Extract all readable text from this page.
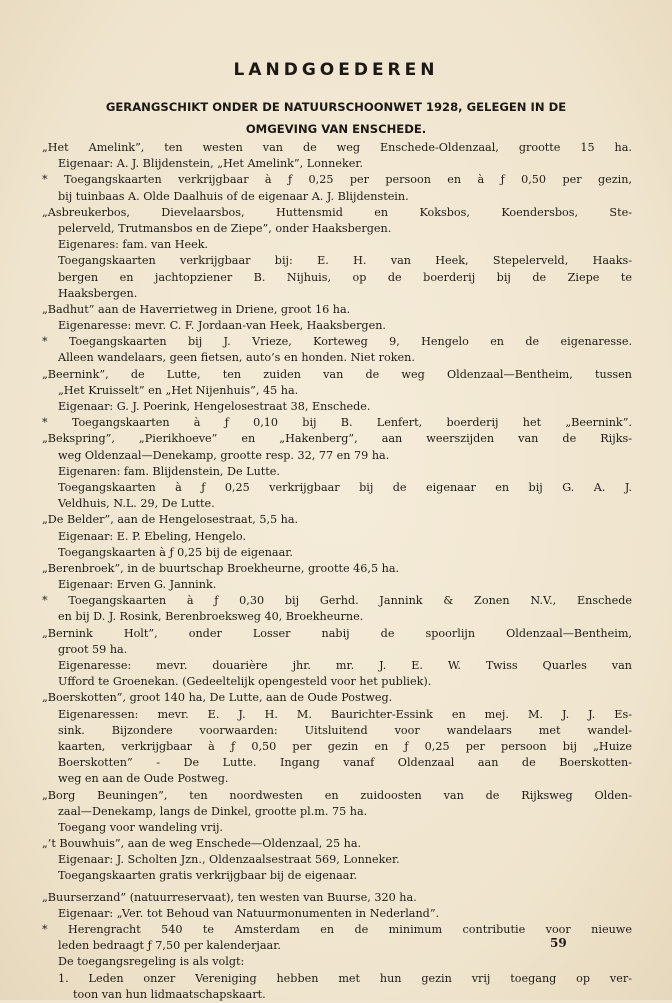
LANDGOEDEREN
GERANGSCHIKT ONDER DE NATUURSCHOONWET 1928, GELEGEN IN DE
OMGEVING VAN ENSCHEDE.
„Het Amelink”, ten westen van de weg Enschede-Oldenzaal, grootte 15 ha.
Eigenaar: A. J. Blijdenstein, „Het Amelink”, Lonneker.
* Toegangskaarten verkrijgbaar à ƒ 0,25 per persoon en à ƒ 0,50 per gezin,
bij tuinbaas A. Olde Daalhuis of de eigenaar A. J. Blijdenstein.
„Asbreukerbos, Dievelaarsbos, Huttensmid en Koksbos, Koendersbos, Ste-
pelerveld, Trutmansbos en de Ziepe”, onder Haaksbergen.
Eigenares: fam. van Heek.
Toegangskaarten verkrijgbaar bij: E. H. van Heek, Stepelerveld, Haaks-
bergen en jachtopziener B. Nijhuis, op de boerderij bij de Ziepe te
Haaksbergen.
„Badhut” aan de Haverrietweg in Driene, groot 16 ha.
Eigenaresse: mevr. C. F. Jordaan-van Heek, Haaksbergen.
* Toegangskaarten bij J. Vrieze, Korteweg 9, Hengelo en de eigenaresse.
Alleen wandelaars, geen fietsen, auto’s en honden. Niet roken.
„Beernink”, de Lutte, ten zuiden van de weg Oldenzaal—Bentheim, tussen
„Het Kruisselt” en „Het Nijenhuis”, 45 ha.
Eigenaar: G. J. Poerink, Hengelosestraat 38, Enschede.
* Toegangskaarten à ƒ 0,10 bij B. Lenfert, boerderij het „Beernink”.
„Bekspring”, „Pierikhoeve” en „Hakenberg”, aan weerszijden van de Rijks-
weg Oldenzaal—Denekamp, grootte resp. 32, 77 en 79 ha.
Eigenaren: fam. Blijdenstein, De Lutte.
Toegangskaarten à ƒ 0,25 verkrijgbaar bij de eigenaar en bij G. A. J.
Veldhuis, N.L. 29, De Lutte.
„De Belder”, aan de Hengelosestraat, 5,5 ha.
Eigenaar: E. P. Ebeling, Hengelo.
Toegangskaarten à ƒ 0,25 bij de eigenaar.
„Berenbroek”, in de buurtschap Broekheurne, grootte 46,5 ha.
Eigenaar: Erven G. Jannink.
* Toegangskaarten à ƒ 0,30 bij Gerhd. Jannink & Zonen N.V., Enschede
en bij D. J. Rosink, Berenbroeksweg 40, Broekheurne.
„Bernink Holt”, onder Losser nabij de spoorlijn Oldenzaal—Bentheim,
groot 59 ha.
Eigenaresse: mevr. douarière jhr. mr. J. E. W. Twiss Quarles van
Ufford te Groenekan. (Gedeeltelijk opengesteld voor het publiek).
„Boerskotten”, groot 140 ha, De Lutte, aan de Oude Postweg.
Eigenaressen: mevr. E. J. H. M. Baurichter-Essink en mej. M. J. J. Es-
sink. Bijzondere voorwaarden: Uitsluitend voor wandelaars met wandel-
kaarten, verkrijgbaar à ƒ 0,50 per gezin en ƒ 0,25 per persoon bij „Huize
Boerskotten” - De Lutte. Ingang vanaf Oldenzaal aan de Boerskotten-
weg en aan de Oude Postweg.
„Borg Beuningen”, ten noordwesten en zuidoosten van de Rijksweg Olden-
zaal—Denekamp, langs de Dinkel, grootte pl.m. 75 ha.
Toegang voor wandeling vrij.
„’t Bouwhuis”, aan de weg Enschede—Oldenzaal, 25 ha.
Eigenaar: J. Scholten Jzn., Oldenzaalsestraat 569, Lonneker.
Toegangskaarten gratis verkrijgbaar bij de eigenaar.
„Buurserzand” (natuurreservaat), ten westen van Buurse, 320 ha.
Eigenaar: „Ver. tot Behoud van Natuurmonumenten in Nederland”.
* Herengracht 540 te Amsterdam en de minimum contributie voor nieuwe
leden bedraagt ƒ 7,50 per kalenderjaar.
De toegangsregeling is als volgt:
1. Leden onzer Vereniging hebben met hun gezin vrij toegang op ver-
toon van hun lidmaatschapskaart.
59
